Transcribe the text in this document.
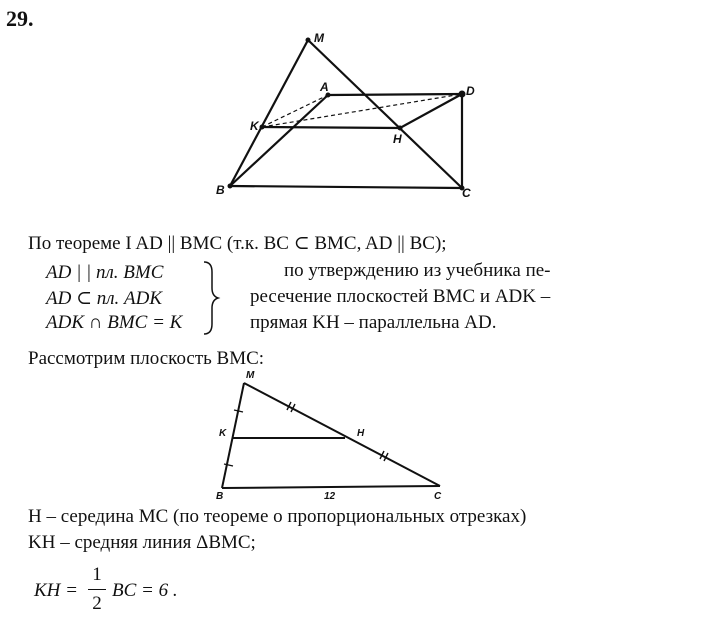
29.
M
A	D
K
H
B	C
По теореме I AD || BMC (т.к. BC ⊂ BMC, AD || BC);
AD | | пл. BMC
AD ⊂ пл. ADK
ADK ∩ BMC = K
по утверждению из учебника пе-
ресечение плоскостей BMC и ADK –
прямая KH – параллельна AD.
Рассмотрим плоскость ВМС:
M
K	H
B	C
12
H – середина MC (по теореме о пропорциональных отрезках)
KH – средняя линия ΔBMC;
KH =
1
2
BC = 6 .
